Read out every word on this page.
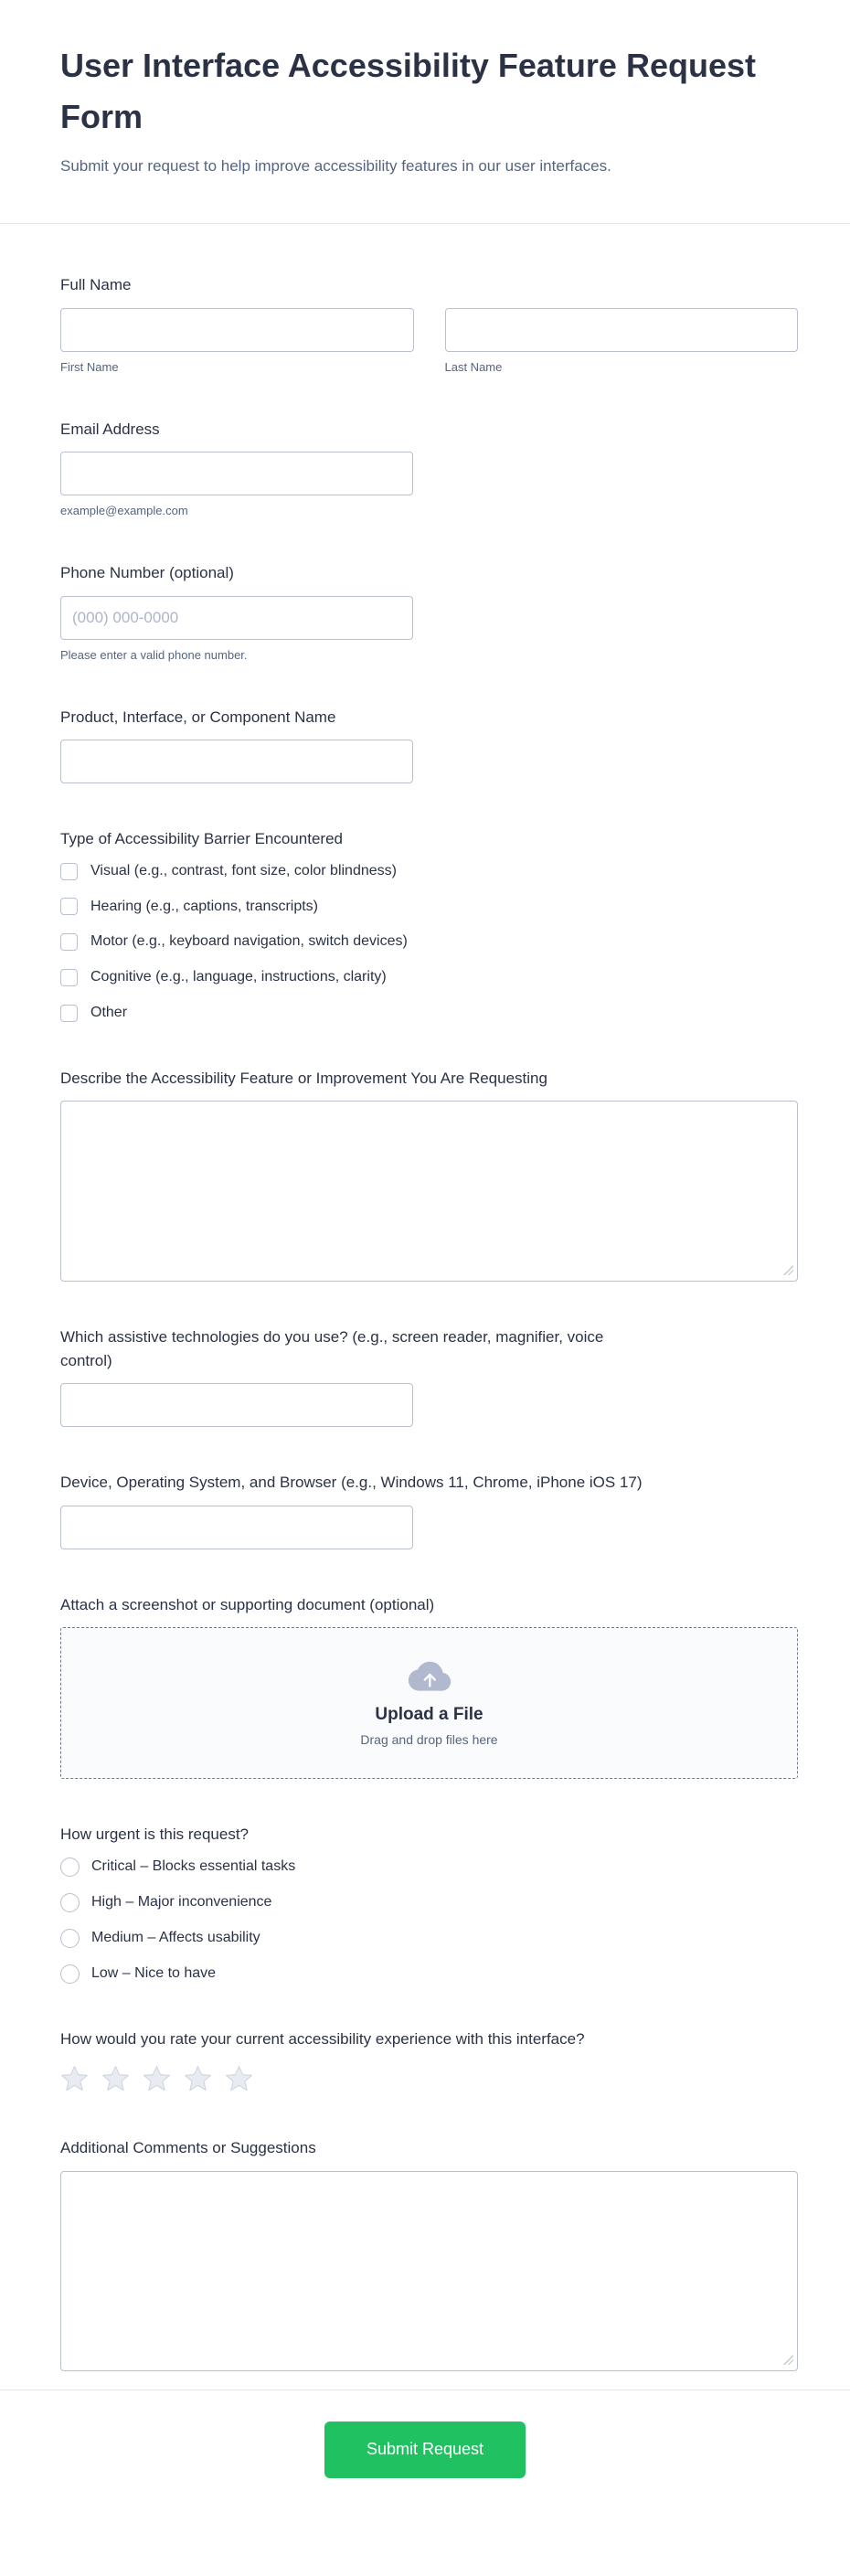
User Interface Accessibility Feature Request Form

Submit your request to help improve accessibility features in our user interfaces.

Full Name
First Name	Last Name
Email Address
example@example.com
Phone Number (optional)
(000) 000-0000
Please enter a valid phone number.
Product, Interface, or Component Name
Type of Accessibility Barrier Encountered
Visual (e.g., contrast, font size, color blindness)
Hearing (e.g., captions, transcripts)
Motor (e.g., keyboard navigation, switch devices)
Cognitive (e.g., language, instructions, clarity)
Other
Describe the Accessibility Feature or Improvement You Are Requesting
Which assistive technologies do you use? (e.g., screen reader, magnifier, voice control)
Device, Operating System, and Browser (e.g., Windows 11, Chrome, iPhone iOS 17)
Attach a screenshot or supporting document (optional)
Upload a File
Drag and drop files here
How urgent is this request?
Critical – Blocks essential tasks
High – Major inconvenience
Medium – Affects usability
Low – Nice to have
How would you rate your current accessibility experience with this interface?
Additional Comments or Suggestions
Submit Request
